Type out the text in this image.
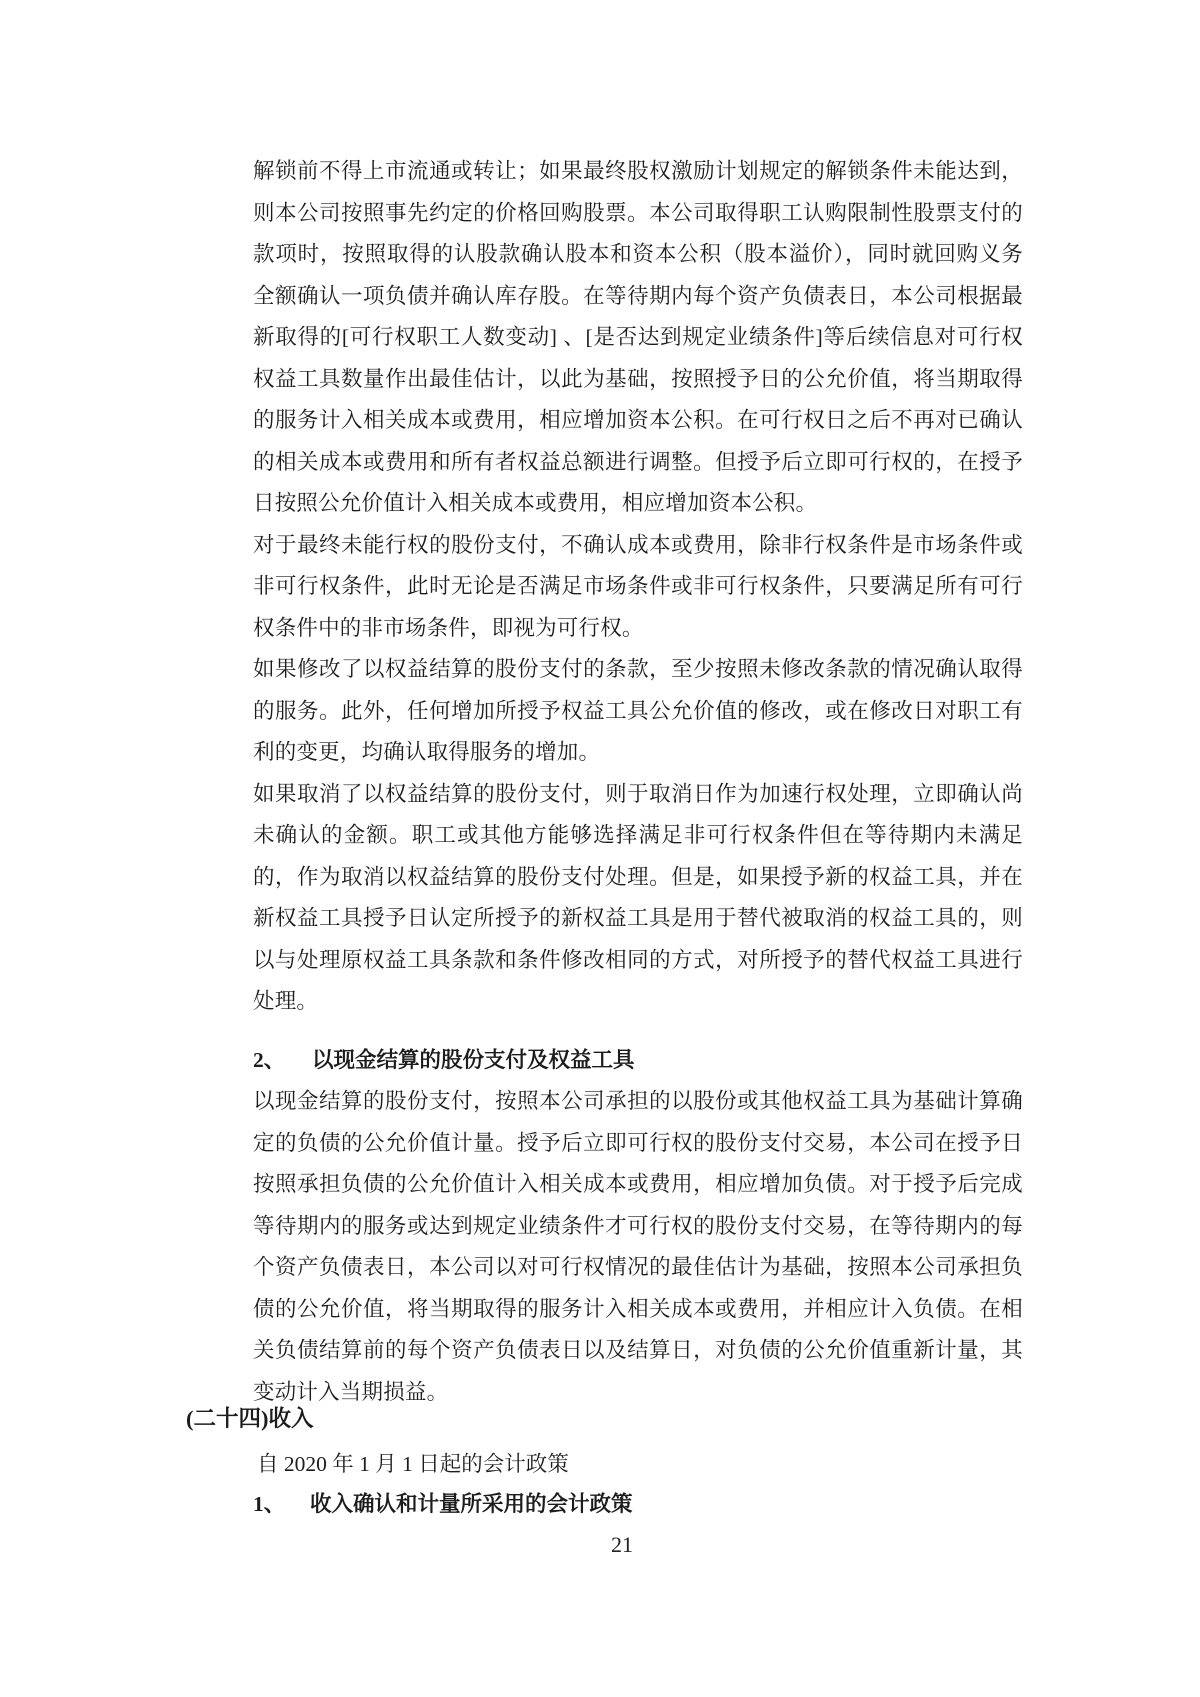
解锁前不得上市流通或转让；如果最终股权激励计划规定的解锁条件未能达到，则本公司按照事先约定的价格回购股票。本公司取得职工认购限制性股票支付的款项时，按照取得的认股款确认股本和资本公积（股本溢价），同时就回购义务全额确认一项负债并确认库存股。在等待期内每个资产负债表日，本公司根据最新取得的[可行权职工人数变动] 、[是否达到规定业绩条件]等后续信息对可行权权益工具数量作出最佳估计，以此为基础，按照授予日的公允价值，将当期取得的服务计入相关成本或费用，相应增加资本公积。在可行权日之后不再对已确认的相关成本或费用和所有者权益总额进行调整。但授予后立即可行权的，在授予日按照公允价值计入相关成本或费用，相应增加资本公积。

对于最终未能行权的股份支付，不确认成本或费用，除非行权条件是市场条件或非可行权条件，此时无论是否满足市场条件或非可行权条件，只要满足所有可行权条件中的非市场条件，即视为可行权。

如果修改了以权益结算的股份支付的条款，至少按照未修改条款的情况确认取得的服务。此外，任何增加所授予权益工具公允价值的修改，或在修改日对职工有利的变更，均确认取得服务的增加。

如果取消了以权益结算的股份支付，则于取消日作为加速行权处理，立即确认尚未确认的金额。职工或其他方能够选择满足非可行权条件但在等待期内未满足的，作为取消以权益结算的股份支付处理。但是，如果授予新的权益工具，并在新权益工具授予日认定所授予的新权益工具是用于替代被取消的权益工具的，则以与处理原权益工具条款和条件修改相同的方式，对所授予的替代权益工具进行处理。

2、 以现金结算的股份支付及权益工具

以现金结算的股份支付，按照本公司承担的以股份或其他权益工具为基础计算确定的负债的公允价值计量。授予后立即可行权的股份支付交易，本公司在授予日按照承担负债的公允价值计入相关成本或费用，相应增加负债。对于授予后完成等待期内的服务或达到规定业绩条件才可行权的股份支付交易，在等待期内的每个资产负债表日，本公司以对可行权情况的最佳估计为基础，按照本公司承担负债的公允价值，将当期取得的服务计入相关成本或费用，并相应计入负债。在相关负债结算前的每个资产负债表日以及结算日，对负债的公允价值重新计量，其变动计入当期损益。

(二十四)收入
自 2020 年 1 月 1 日起的会计政策
1、 收入确认和计量所采用的会计政策
21
